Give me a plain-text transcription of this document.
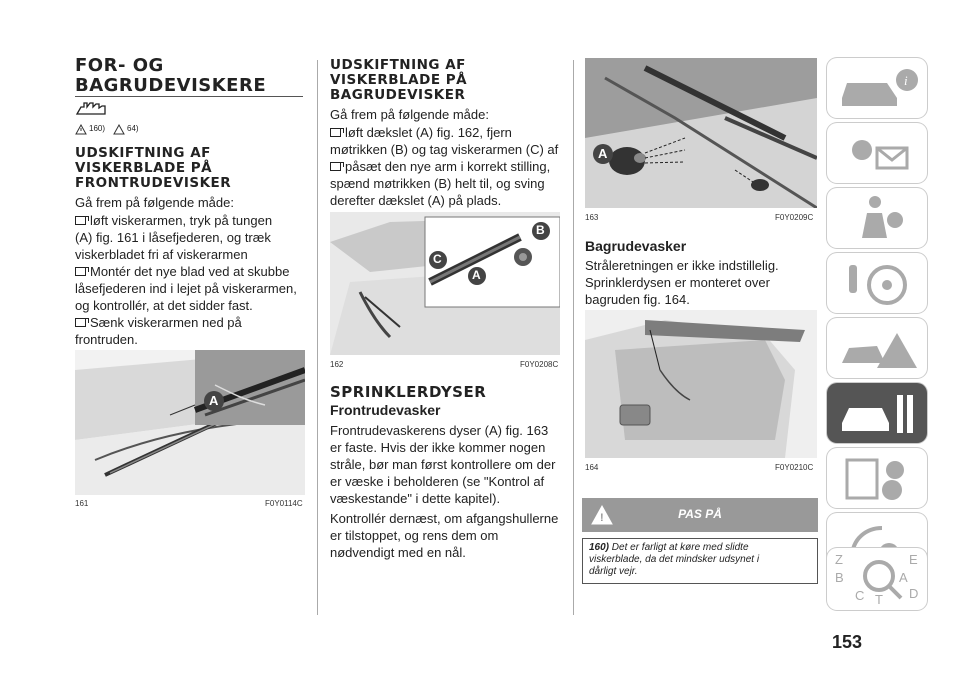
FOR- OG
BAGRUDEVISKERE
160)	64)
UDSKIFTNING AF
VISKERBLADE PÅ
FRONTRUDEVISKER
Gå frem på følgende måde:
løft viskerarmen, tryk på tungen
(A) fig. 161 i låsefjederen, og træk
viskerbladet fri af viskerarmen
Montér det nye blad ved at skubbe
låsefjederen ind i lejet på viskerarmen,
og kontrollér, at det sidder fast.
Sænk viskerarmen ned på
frontruden.
A
161	F0Y0114C
UDSKIFTNING AF
VISKERBLADE PÅ
BAGRUDEVISKER
Gå frem på følgende måde:
løft dækslet (A) fig. 162, fjern
møtrikken (B) og tag viskerarmen (C) af
påsæt den nye arm i korrekt stilling,
spænd møtrikken (B) helt til, og sving
derefter dækslet (A) på plads.
B
C
A
162	F0Y0208C
SPRINKLERDYSER
Frontrudevasker
Frontrudevaskerens dyser (A) fig. 163
er faste. Hvis der ikke kommer nogen
stråle, bør man først kontrollere om der
er væske i beholderen (se "Kontrol af
væskestande" i dette kapitel).
Kontrollér dernæst, om afgangshullerne
er tilstoppet, og rens dem om
nødvendigt med en nål.
A
163	F0Y0209C
Bagrudevasker
Stråleretningen er ikke indstillelig.
Sprinklerdysen er monteret over
bagruden fig. 164.
164	F0Y0210C
!	PAS PÅ
160) Det er farligt at køre med slidte
viskerblade, da det mindsker udsynet i
dårligt vejr.
i
Z	E
B	A
C T D
153
